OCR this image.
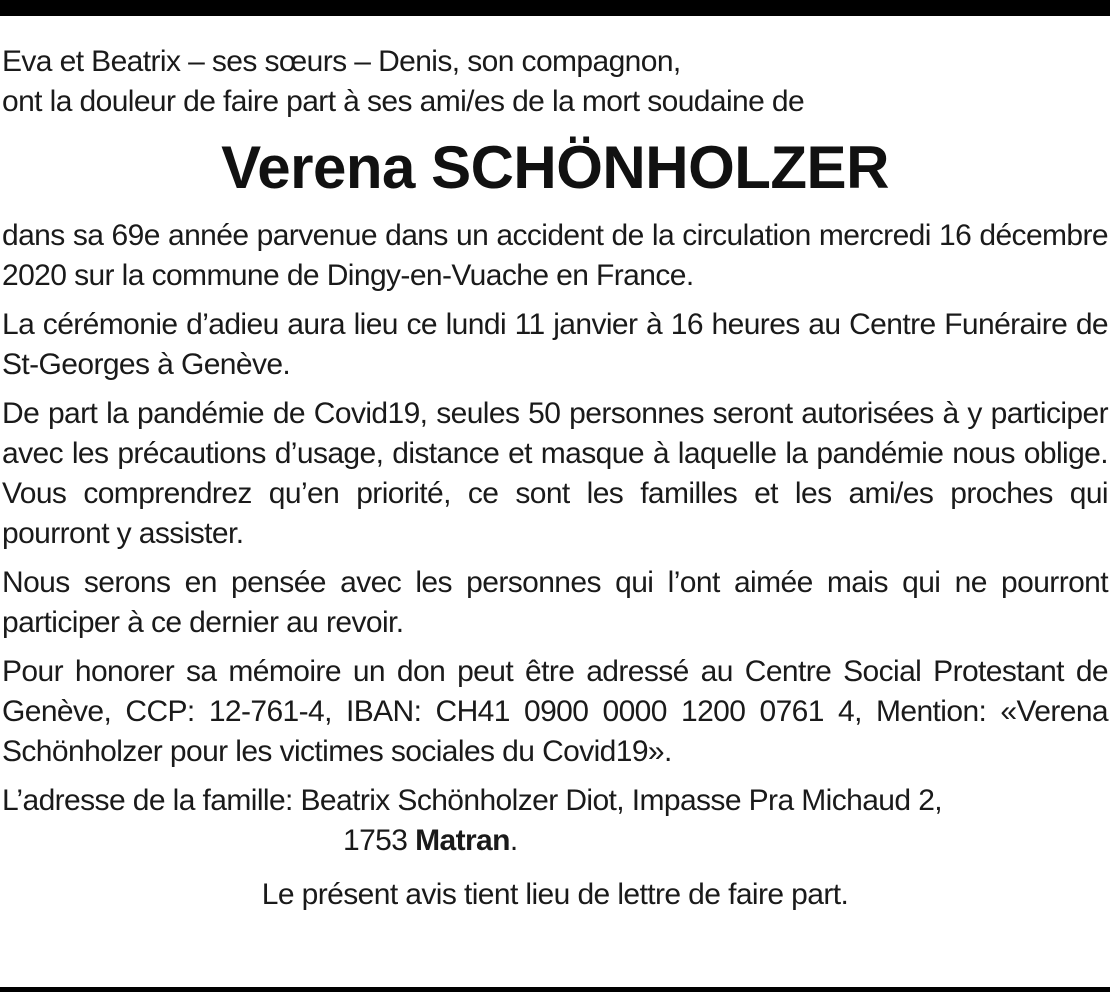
Eva et Beatrix – ses sœurs – Denis, son compagnon,

ont la douleur de faire part à ses ami/es de la mort soudaine de

Verena SCHÖNHOLZER

dans sa 69e année parvenue dans un accident de la circulation mercredi 16 décembre 2020 sur la commune de Dingy-en-Vuache en France.

La cérémonie d’adieu aura lieu ce lundi 11 janvier à 16 heures au Centre Funéraire de St-Georges à Genève.

De part la pandémie de Covid19, seules 50 personnes seront autorisées à y participer avec les précautions d’usage, distance et masque à laquelle la pandémie nous oblige. Vous comprendrez qu’en priorité, ce sont les familles et les ami/es proches qui pourront y assister.

Nous serons en pensée avec les personnes qui l’ont aimée mais qui ne pourront participer à ce dernier au revoir.

Pour honorer sa mémoire un don peut être adressé au Centre Social Protestant de Genève, CCP: 12-761-4, IBAN: CH41 0900 0000 1200 0761 4, Mention: «Verena Schönholzer pour les victimes sociales du Covid19».

L’adresse de la famille: Beatrix Schönholzer Diot, Impasse Pra Michaud 2,

1753 Matran.

Le présent avis tient lieu de lettre de faire part.
